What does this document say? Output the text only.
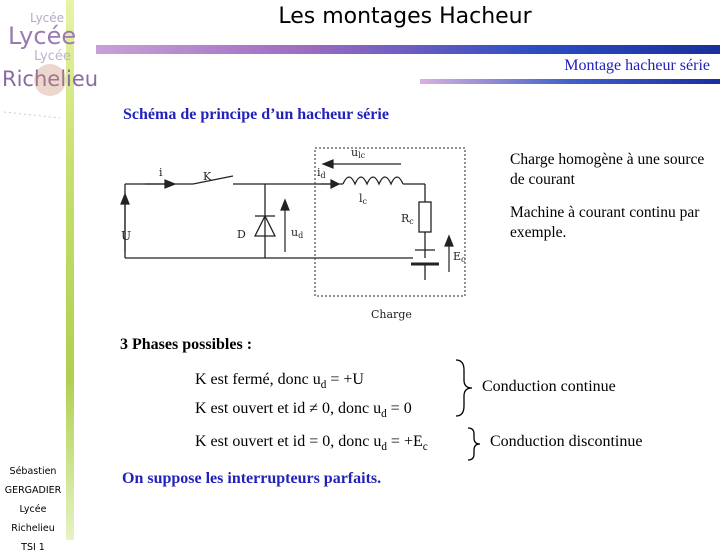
Lycée
Lycée
Lycée
Richelieu
Les montages Hacheur
Montage hacheur série
Schéma de principe d’un hacheur série
U
i	K
D	ud
id
ulc
lc
Rc
Ec
Charge
Charge homogène à une source de courant
Machine à courant continu par exemple.
3 Phases possibles :
K est fermé, donc $u_d = +U$
K est ouvert et id ≠ 0, donc $u_d = 0$
K est ouvert et id = 0, donc $u_d = +E_c$
Conduction continue
Conduction discontinue
On suppose les interrupteurs parfaits.
Sébastien
GERGADIER
Lycée Richelieu
TSI 1
